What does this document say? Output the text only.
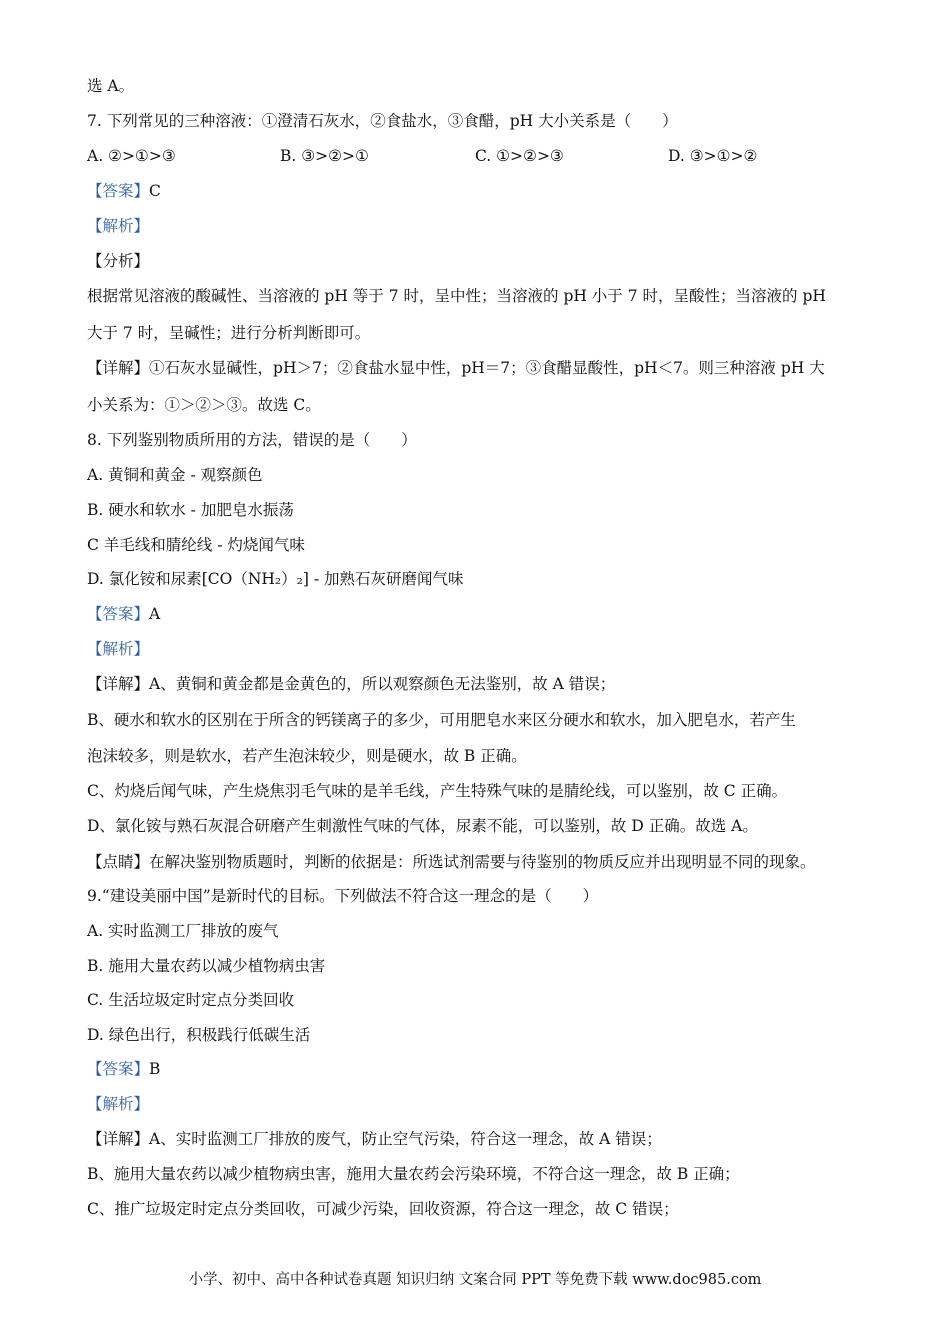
选 A。
7. 下列常见的三种溶液：①澄清石灰水，②食盐水，③食醋，pH 大小关系是（　　）
A. ②>①>③	B. ③>②>①	C. ①>②>③	D. ③>①>②
【答案】C
【解析】
【分析】
根据常见溶液的酸碱性、当溶液的 pH 等于 7 时，呈中性；当溶液的 pH 小于 7 时，呈酸性；当溶液的 pH
大于 7 时，呈碱性；进行分析判断即可。
【详解】①石灰水显碱性，pH＞7；②食盐水显中性，pH＝7；③食醋显酸性，pH＜7。则三种溶液 pH 大
小关系为：①＞②＞③。故选 C。
8. 下列鉴别物质所用的方法，错误的是（　　）
A. 黄铜和黄金 - 观察颜色
B. 硬水和软水 - 加肥皂水振荡
C 羊毛线和腈纶线 - 灼烧闻气味
D. 氯化铵和尿素[CO（NH₂）₂] - 加熟石灰研磨闻气味
【答案】A
【解析】
【详解】A、黄铜和黄金都是金黄色的，所以观察颜色无法鉴别，故 A 错误；
B、硬水和软水的区别在于所含的钙镁离子的多少，可用肥皂水来区分硬水和软水，加入肥皂水，若产生
泡沫较多，则是软水，若产生泡沫较少，则是硬水，故 B 正确。
C、灼烧后闻气味，产生烧焦羽毛气味的是羊毛线，产生特殊气味的是腈纶线，可以鉴别，故 C 正确。
D、氯化铵与熟石灰混合研磨产生刺激性气味的气体，尿素不能，可以鉴别，故 D 正确。故选 A。
【点睛】在解决鉴别物质题时，判断的依据是：所选试剂需要与待鉴别的物质反应并出现明显不同的现象。
9.“建设美丽中国”是新时代的目标。下列做法不符合这一理念的是（　　）
A. 实时监测工厂排放的废气
B. 施用大量农药以减少植物病虫害
C. 生活垃圾定时定点分类回收
D. 绿色出行，积极践行低碳生活
【答案】B
【解析】
【详解】A、实时监测工厂排放的废气，防止空气污染，符合这一理念，故 A 错误；
B、施用大量农药以减少植物病虫害，施用大量农药会污染环境，不符合这一理念，故 B 正确；
C、推广垃圾定时定点分类回收，可减少污染，回收资源，符合这一理念，故 C 错误；
小学、初中、高中各种试卷真题 知识归纳 文案合同 PPT 等免费下载 www.doc985.com
